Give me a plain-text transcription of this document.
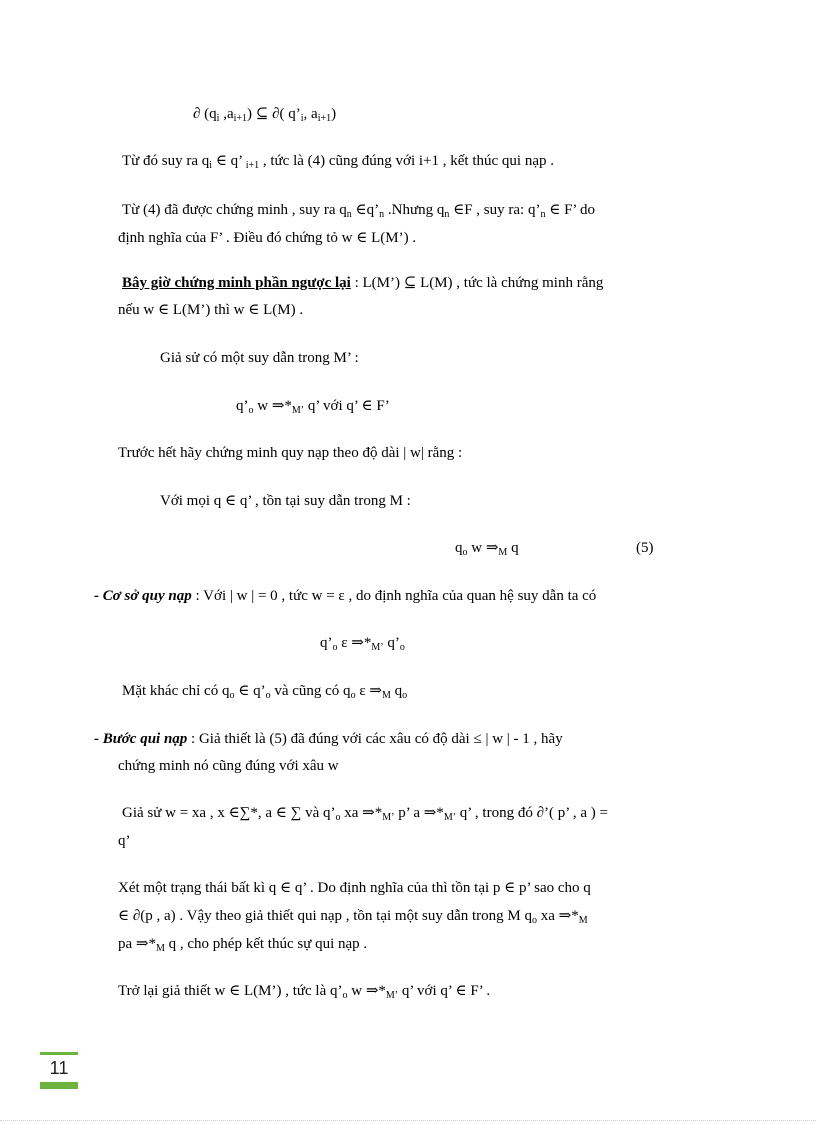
∂ ($q_i$ $,a_{i+1}$) ⊆ ∂( $q’_i$, $a_{i+1}$)
Từ đó suy ra $q_i$ ∈ q’ $_{i+1}$ , tức là (4) cũng đúng với i+1 , kết thúc qui nạp .
Từ (4) đã được chứng minh , suy ra $q_n$ $\in q’_n$ .Nhưng $q_n$ ∈F , suy ra: $q’_n$ ∈ F’ do
định nghĩa của F’ . Điều đó chứng tỏ w ∈ L(M’) .
Bây giờ chứng minh phần ngược lại : L(M’) ⊆ L(M) , tức là chứng minh rằng
nếu w ∈ L(M’) thì w ∈ L(M) .
Giả sử có một suy dẫn trong M’ :
$q’_o$ w $\Rightarrow*_{M’}$ q’ với q’ ∈ F’
Trước hết hãy chứng minh quy nạp theo độ dài | w| rằng :
Với mọi q ∈ q’ , tồn tại suy dẫn trong M :
$q_o$ w $\Rightarrow_M$ q	(5)
- Cơ sở quy nạp : Với | w | = 0 , tức w = ε , do định nghĩa của quan hệ suy dẫn ta có
$q’_o$ ε $\Rightarrow*_{M’}$ $q’_o$
Mặt khác chỉ có $q_o$ ∈ $q’_o$ và cũng có $q_o$ ε $\Rightarrow_M$ $q_o$
- Bước qui nạp : Giả thiết là (5) đã đúng với các xâu có độ dài ≤ | w | - 1 , hãy
chứng minh nó cũng đúng với xâu w
Giả sử w = xa , x ∈∑*, a ∈ ∑ và $q’_o$ xa $\Rightarrow*_{M’}$ p’ a $\Rightarrow*_{M’}$ q’ , trong đó ∂’( p’ , a ) =
q’
Xét một trạng thái bất kì q ∈ q’ . Do định nghĩa của thì tồn tại p ∈ p’ sao cho q
∈ ∂(p , a) . Vậy theo giả thiết qui nạp , tồn tại một suy dẫn trong M $q_o$ xa $\Rightarrow*_M$
pa $\Rightarrow*_M$ q , cho phép kết thúc sự qui nạp .
Trở lại giả thiết w ∈ L(M’) , tức là $q’_o$ w $\Rightarrow*_{M’}$ q’ với q’ ∈ F’ .
11
